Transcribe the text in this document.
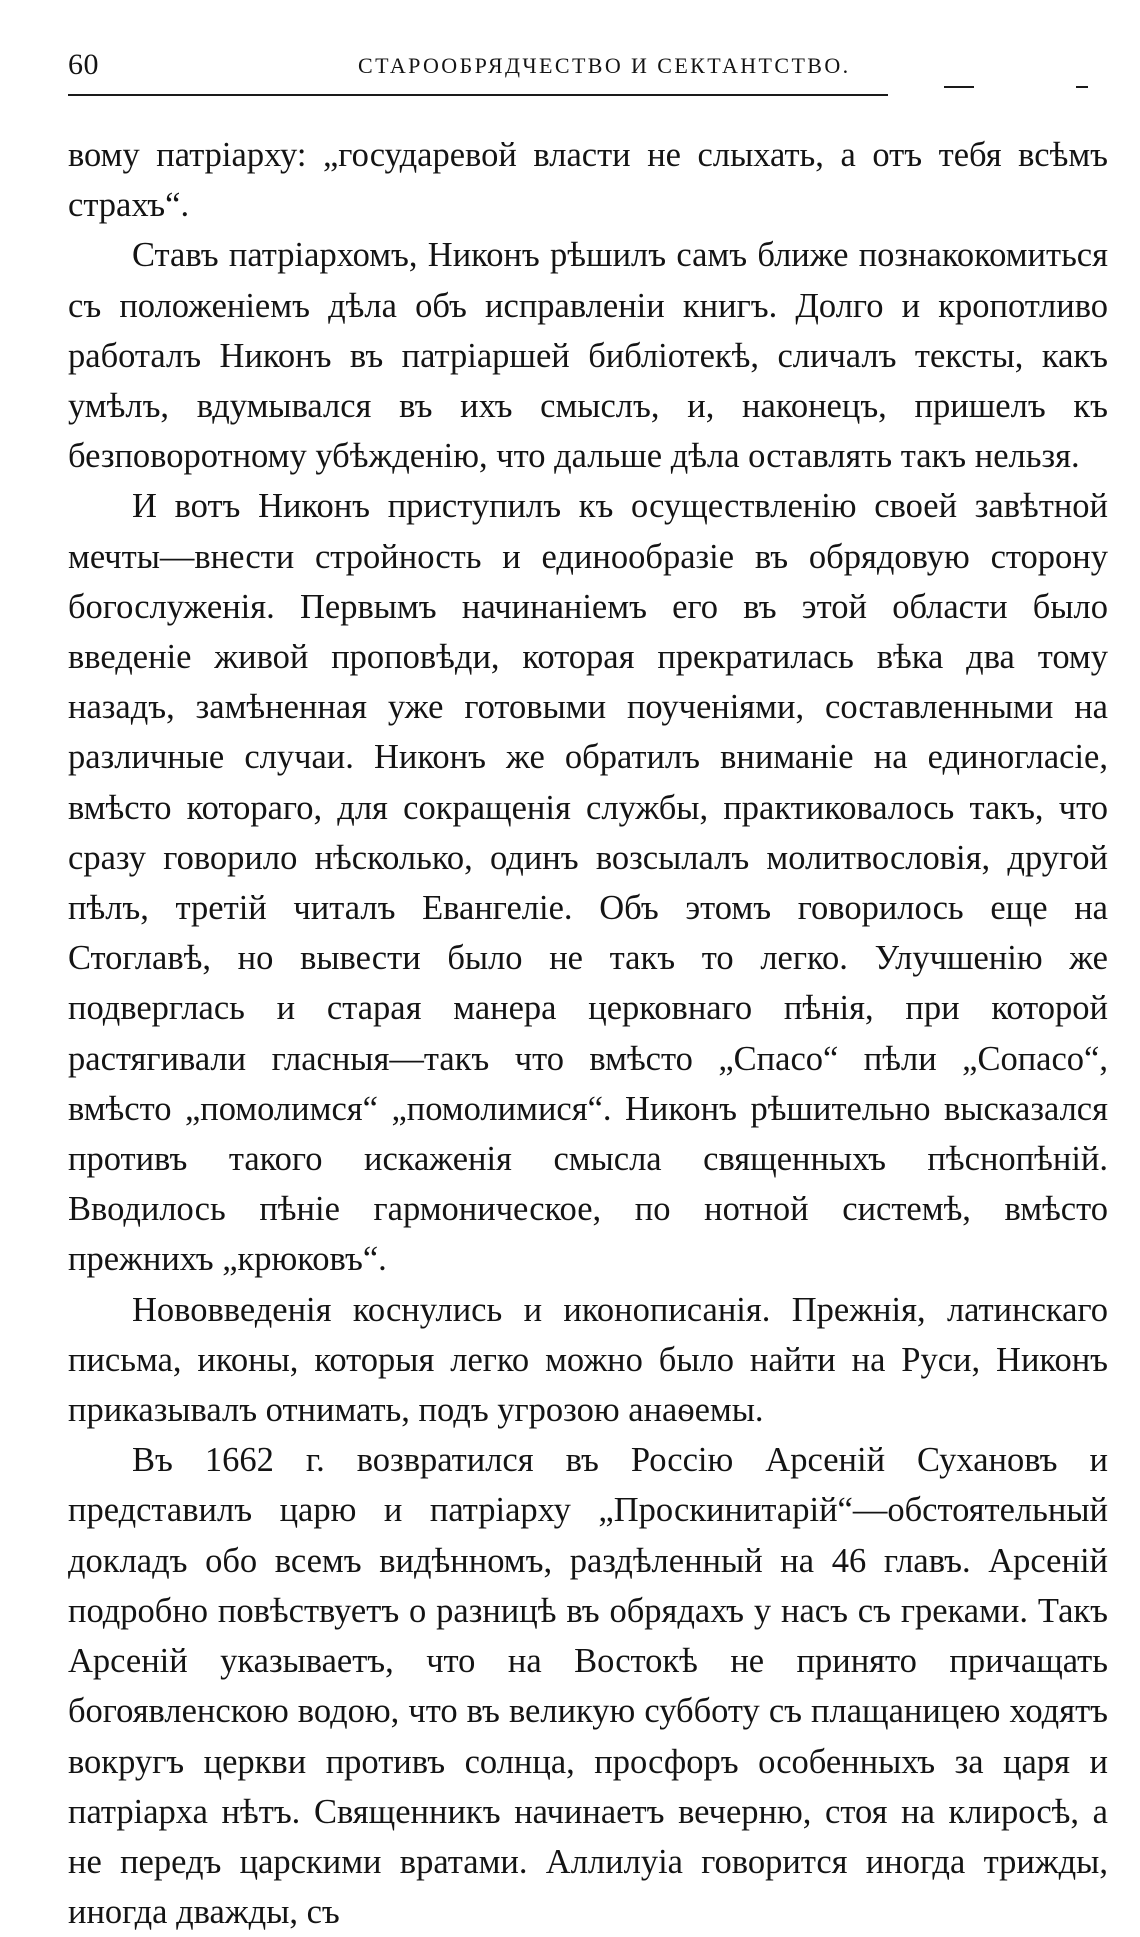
60	СТАРООБРЯДЧЕСТВО И СЕКТАНТСТВО.

вому патріарху: „государевой власти не слыхать, а отъ тебя всѣмъ страхъ“.

Ставъ патріархомъ, Никонъ рѣшилъ самъ ближе познакокомиться съ положеніемъ дѣла объ исправленіи книгъ. Долго и кропотливо работалъ Никонъ въ патріаршей библіотекѣ, сличалъ тексты, какъ умѣлъ, вдумывался въ ихъ смыслъ, и, наконецъ, пришелъ къ безповоротному убѣжденію, что дальше дѣла оставлять такъ нельзя.

И вотъ Никонъ приступилъ къ осуществленію своей завѣтной мечты—внести стройность и единообразіе въ обрядовую сторону богослуженія. Первымъ начинаніемъ его въ этой области было введеніе живой проповѣди, которая прекратилась вѣка два тому назадъ, замѣненная уже готовыми поученіями, составленными на различные случаи. Никонъ же обратилъ вниманіе на единогласіе, вмѣсто котораго, для сокращенія службы, практиковалось такъ, что сразу говорило нѣсколько, одинъ возсылалъ молитвословія, другой пѣлъ, третій читалъ Евангеліе. Объ этомъ говорилось еще на Стоглавѣ, но вывести было не такъ то легко. Улучшенію же подверглась и старая манера церковнаго пѣнія, при которой растягивали гласныя—такъ что вмѣсто „Спасо“ пѣли „Сопасо“, вмѣсто „помолимся“ „помолимися“. Никонъ рѣшительно высказался противъ такого искаженія смысла священныхъ пѣснопѣній. Вводилось пѣніе гармоническое, по нотной системѣ, вмѣсто прежнихъ „крюковъ“.

Нововведенія коснулись и иконописанія. Прежнія, латинскаго письма, иконы, которыя легко можно было найти на Руси, Никонъ приказывалъ отнимать, подъ угрозою анаѳемы.

Въ 1662 г. возвратился въ Россію Арсеній Сухановъ и представилъ царю и патріарху „Проскинитарій“—обстоятельный докладъ обо всемъ видѣнномъ, раздѣленный на 46 главъ. Арсеній подробно повѣствуетъ о разницѣ въ обрядахъ у насъ съ греками. Такъ Арсеній указываетъ, что на Востокѣ не принято причащать богоявленскою водою, что въ великую субботу съ плащаницею ходятъ вокругъ церкви противъ солнца, просфоръ особенныхъ за царя и патріарха нѣтъ. Священникъ начинаетъ вечерню, стоя на клиросѣ, а не передъ царскими вратами. Аллилуіа говорится иногда трижды, иногда дважды, съ
